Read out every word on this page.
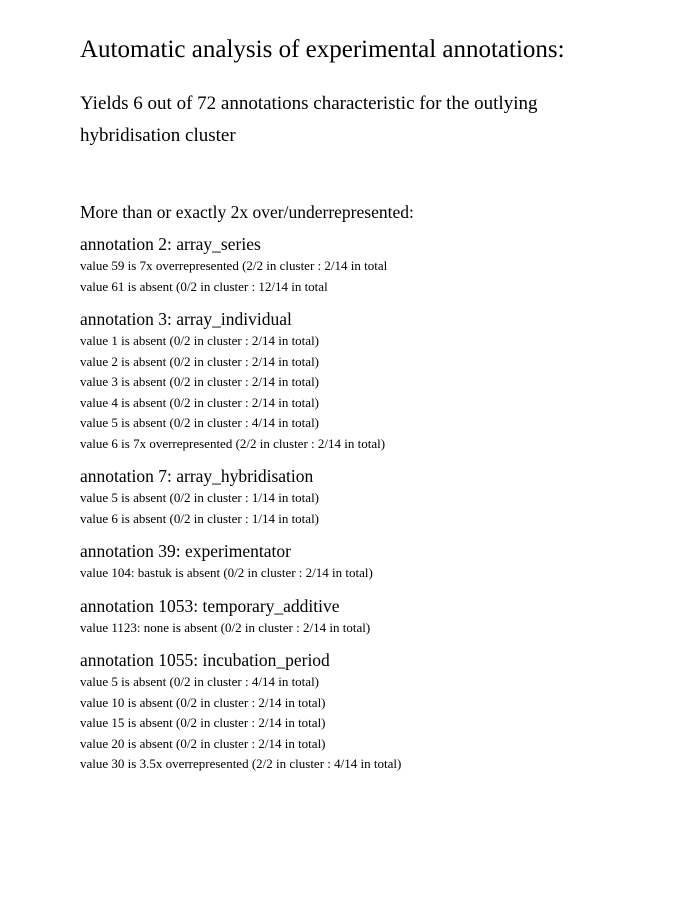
Automatic analysis of experimental annotations:
Yields 6 out of 72 annotations characteristic for the outlying
hybridisation cluster
More than or exactly 2x over/underrepresented:
annotation 2: array_series
value 59 is 7x overrepresented (2/2 in cluster : 2/14 in total
value 61 is absent (0/2 in cluster : 12/14 in total
annotation 3: array_individual
value 1 is absent (0/2 in cluster : 2/14 in total)
value 2 is absent (0/2 in cluster : 2/14 in total)
value 3 is absent (0/2 in cluster : 2/14 in total)
value 4 is absent (0/2 in cluster : 2/14 in total)
value 5 is absent (0/2 in cluster : 4/14 in total)
value 6 is 7x overrepresented (2/2 in cluster : 2/14 in total)
annotation 7: array_hybridisation
value 5 is absent (0/2 in cluster : 1/14 in total)
value 6 is absent (0/2 in cluster : 1/14 in total)
annotation 39: experimentator
value 104: bastuk is absent (0/2 in cluster : 2/14 in total)
annotation 1053: temporary_additive
value 1123: none is absent (0/2 in cluster : 2/14 in total)
annotation 1055: incubation_period
value 5 is absent (0/2 in cluster : 4/14 in total)
value 10 is absent (0/2 in cluster : 2/14 in total)
value 15 is absent (0/2 in cluster : 2/14 in total)
value 20 is absent (0/2 in cluster : 2/14 in total)
value 30 is 3.5x overrepresented (2/2 in cluster : 4/14 in total)
